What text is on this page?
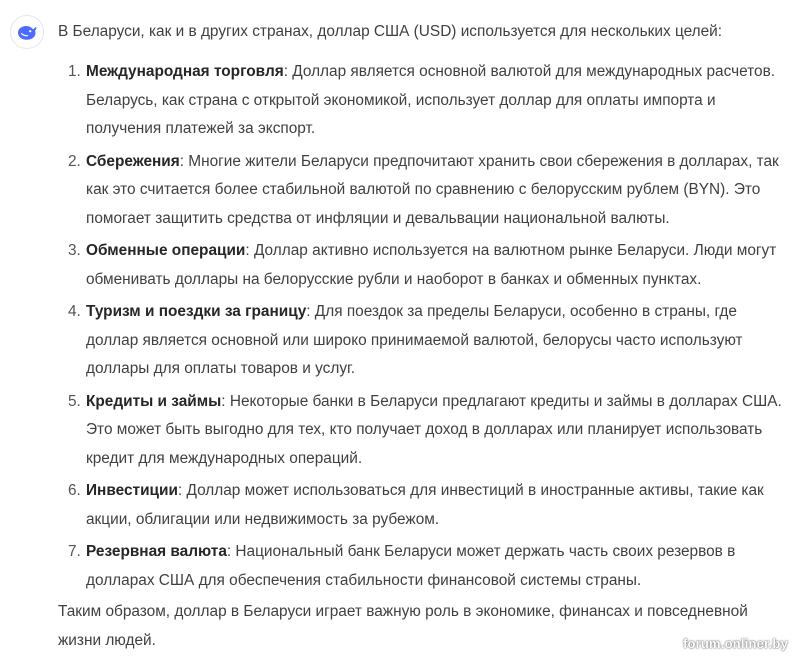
В Беларуси, как и в других странах, доллар США (USD) используется для нескольких целей:
1. Международная торговля: Доллар является основной валютой для международных расчетов. Беларусь, как страна с открытой экономикой, использует доллар для оплаты импорта и получения платежей за экспорт.
2. Сбережения: Многие жители Беларуси предпочитают хранить свои сбережения в долларах, так как это считается более стабильной валютой по сравнению с белорусским рублем (BYN). Это помогает защитить средства от инфляции и девальвации национальной валюты.
3. Обменные операции: Доллар активно используется на валютном рынке Беларуси. Люди могут обменивать доллары на белорусские рубли и наоборот в банках и обменных пунктах.
4. Туризм и поездки за границу: Для поездок за пределы Беларуси, особенно в страны, где доллар является основной или широко принимаемой валютой, белорусы часто используют доллары для оплаты товаров и услуг.
5. Кредиты и займы: Некоторые банки в Беларуси предлагают кредиты и займы в долларах США. Это может быть выгодно для тех, кто получает доход в долларах или планирует использовать кредит для международных операций.
6. Инвестиции: Доллар может использоваться для инвестиций в иностранные активы, такие как акции, облигации или недвижимость за рубежом.
7. Резервная валюта: Национальный банк Беларуси может держать часть своих резервов в долларах США для обеспечения стабильности финансовой системы страны.
Таким образом, доллар в Беларуси играет важную роль в экономике, финансах и повседневной жизни людей.	forum.onliner.by
